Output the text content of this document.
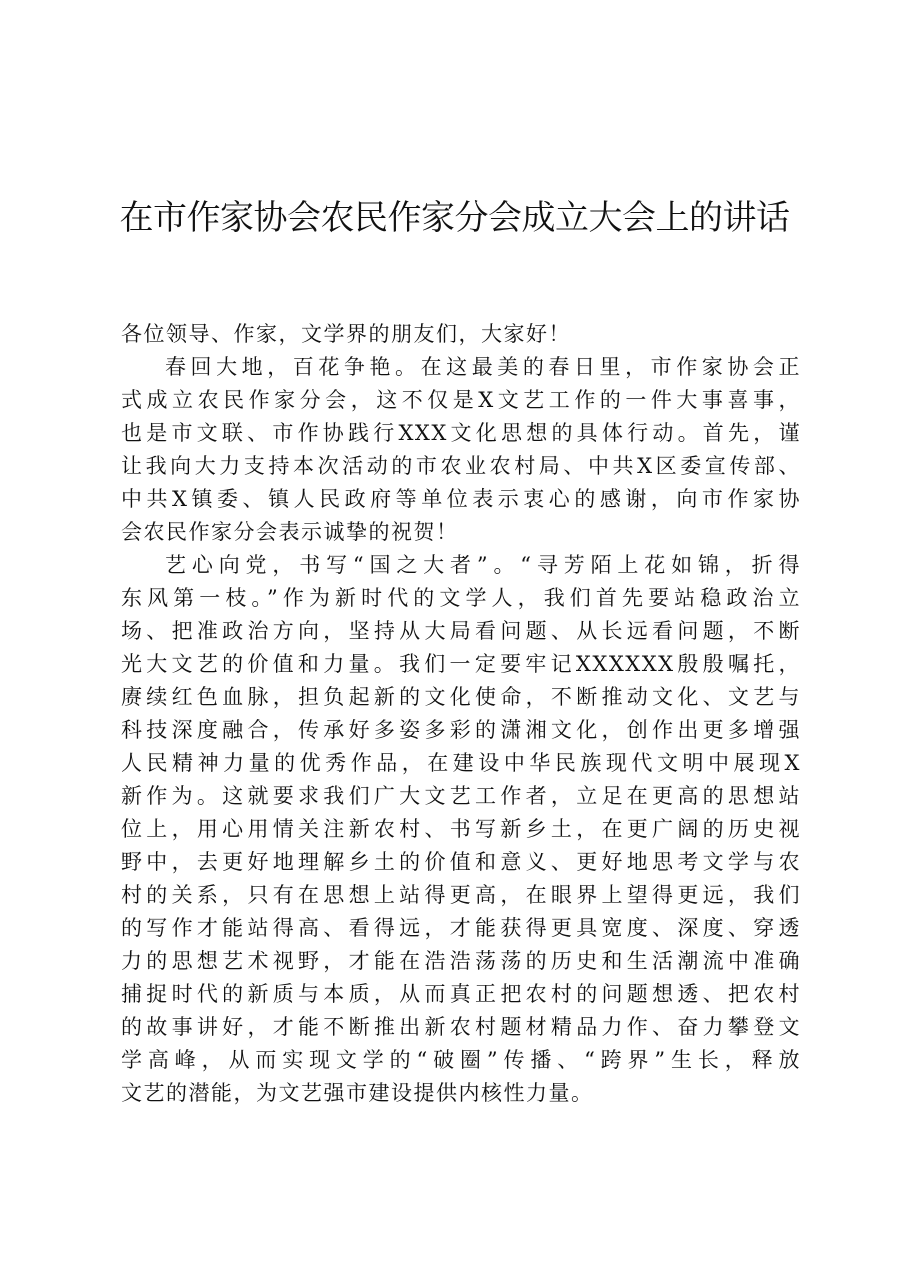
在市作家协会农民作家分会成立大会上的讲话

各位领导、作家，文学界的朋友们，大家好！

春回大地，百花争艳。在这最美的春日里，市作家协会正
式成立农民作家分会，这不仅是X文艺工作的一件大事喜事，
也是市文联、市作协践行XXX文化思想的具体行动。首先，谨
让我向大力支持本次活动的市农业农村局、中共X区委宣传部、
中共X镇委、镇人民政府等单位表示衷心的感谢，向市作家协
会农民作家分会表示诚挚的祝贺！

艺心向党，书写“国之大者”。“寻芳陌上花如锦，折得
东风第一枝。”作为新时代的文学人，我们首先要站稳政治立
场、把准政治方向，坚持从大局看问题、从长远看问题，不断
光大文艺的价值和力量。我们一定要牢记XXXXXX殷殷嘱托，
赓续红色血脉，担负起新的文化使命，不断推动文化、文艺与
科技深度融合，传承好多姿多彩的潇湘文化，创作出更多增强
人民精神力量的优秀作品，在建设中华民族现代文明中展现X
新作为。这就要求我们广大文艺工作者，立足在更高的思想站
位上，用心用情关注新农村、书写新乡土，在更广阔的历史视
野中，去更好地理解乡土的价值和意义、更好地思考文学与农
村的关系，只有在思想上站得更高，在眼界上望得更远，我们
的写作才能站得高、看得远，才能获得更具宽度、深度、穿透
力的思想艺术视野，才能在浩浩荡荡的历史和生活潮流中准确
捕捉时代的新质与本质，从而真正把农村的问题想透、把农村
的故事讲好，才能不断推出新农村题材精品力作、奋力攀登文
学高峰，从而实现文学的“破圈”传播、“跨界”生长，释放
文艺的潜能，为文艺强市建设提供内核性力量。
